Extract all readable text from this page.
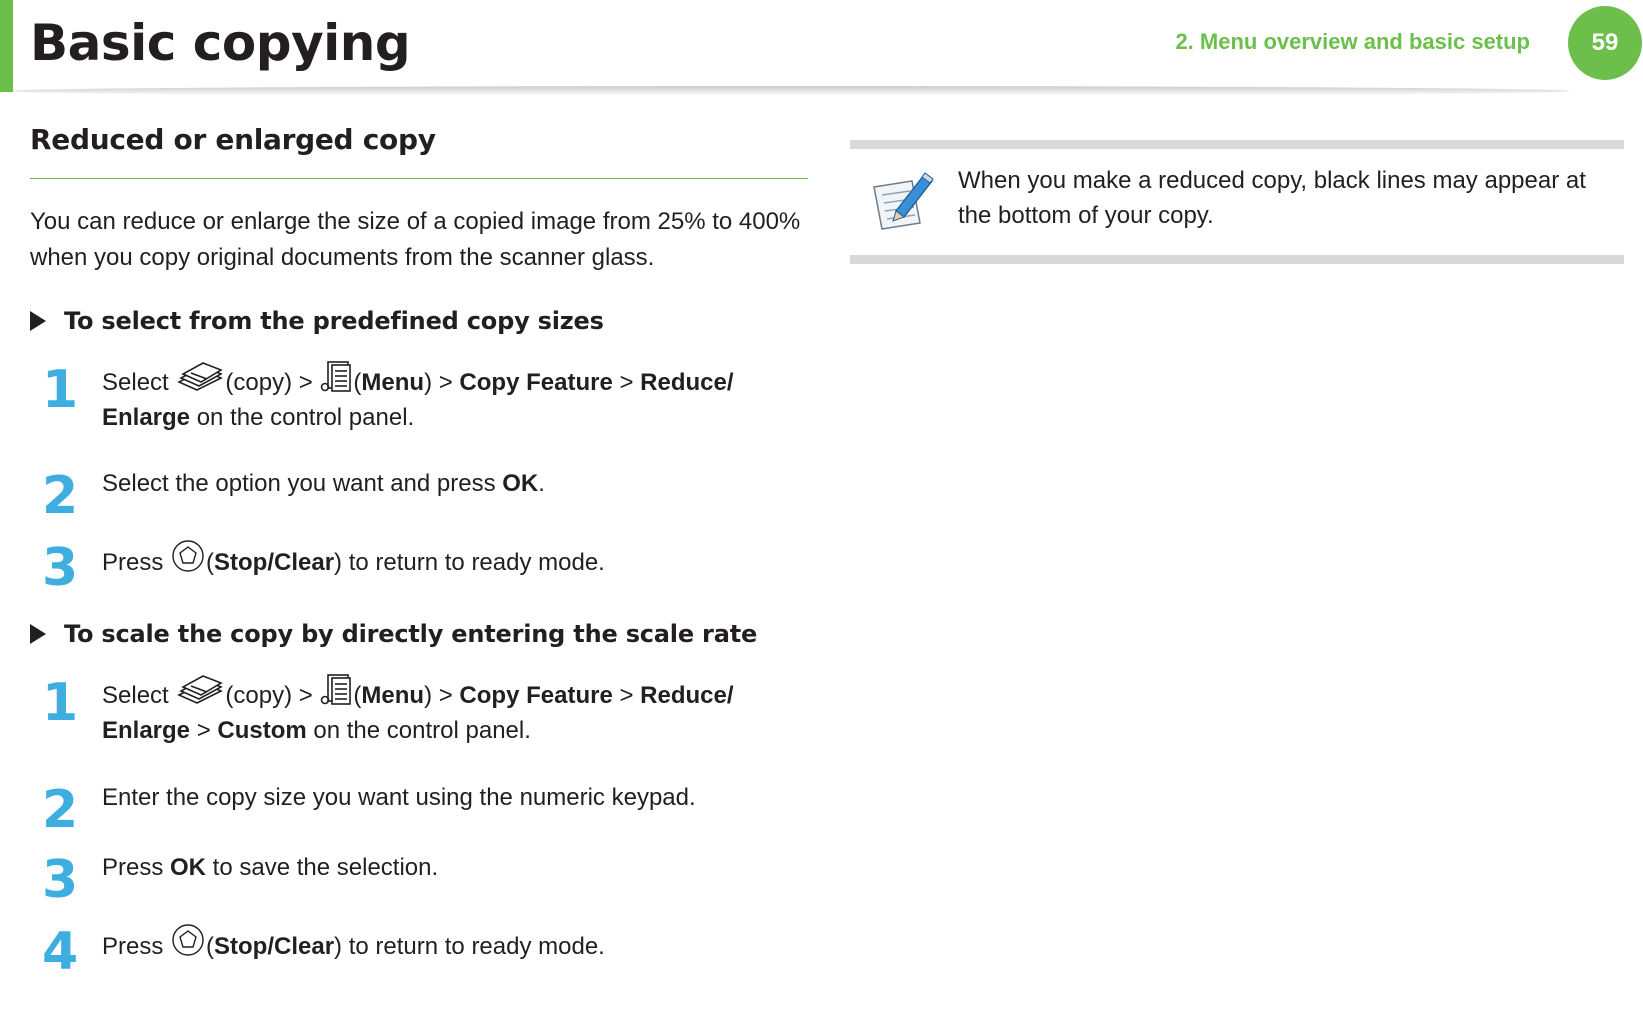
Basic copying	2. Menu overview and basic setup	59
Reduced or enlarged copy

You can reduce or enlarge the size of a copied image from 25% to 400% when you copy original documents from the scanner glass.

To select from the predefined copy sizes
1 Select (copy) > (Menu) > Copy Feature > Reduce/ Enlarge on the control panel.
2 Select the option you want and press OK.
3 Press (Stop/Clear) to return to ready mode.
To scale the copy by directly entering the scale rate
1 Select (copy) > (Menu) > Copy Feature > Reduce/ Enlarge > Custom on the control panel.
2 Enter the copy size you want using the numeric keypad.
3 Press OK to save the selection.
4 Press (Stop/Clear) to return to ready mode.

When you make a reduced copy, black lines may appear at the bottom of your copy.
